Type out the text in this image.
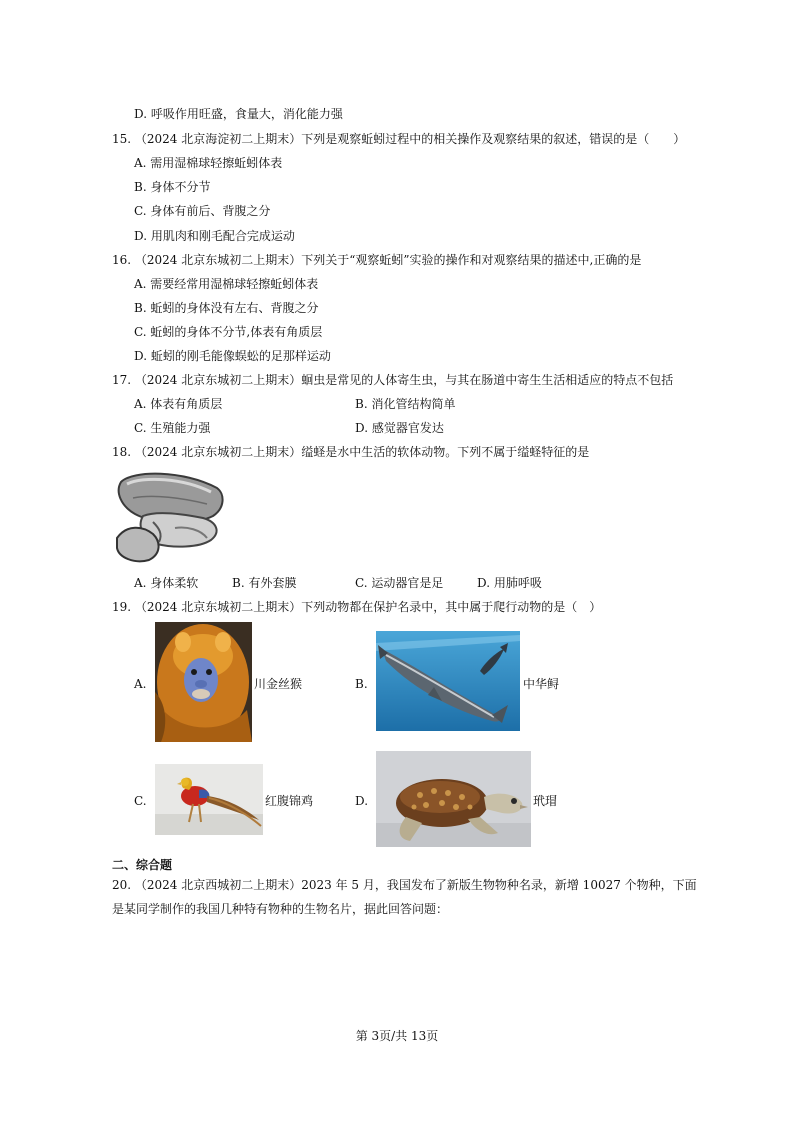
D. 呼吸作用旺盛，食量大，消化能力强
15. （2024 北京海淀初二上期末）下列是观察蚯蚓过程中的相关操作及观察结果的叙述，错误的是（　　）
A. 需用湿棉球轻擦蚯蚓体表
B. 身体不分节
C. 身体有前后、背腹之分
D. 用肌肉和刚毛配合完成运动
16. （2024 北京东城初二上期末）下列关于“观察蚯蚓”实验的操作和对观察结果的描述中,正确的是
A. 需要经常用湿棉球轻擦蚯蚓体表
B. 蚯蚓的身体没有左右、背腹之分
C. 蚯蚓的身体不分节,体表有角质层
D. 蚯蚓的刚毛能像蜈蚣的足那样运动
17. （2024 北京东城初二上期末）蛔虫是常见的人体寄生虫，与其在肠道中寄生生活相适应的特点不包括
A. 体表有角质层	B. 消化管结构简单
C. 生殖能力强	D. 感觉器官发达
18. （2024 北京东城初二上期末）缢蛏是水中生活的软体动物。下列不属于缢蛏特征的是
A. 身体柔软	B. 有外套膜	C. 运动器官是足	D. 用肺呼吸
19. （2024 北京东城初二上期末）下列动物都在保护名录中，其中属于爬行动物的是（　）
A.	川金丝猴	B.	中华鲟
C.	红腹锦鸡	D.	玳瑁
二、综合题
20. （2024 北京西城初二上期末）2023 年 5 月，我国发布了新版生物物种名录，新增 10027 个物种，下面
是某同学制作的我国几种特有物种的生物名片，据此回答问题：
第 3页/共 13页
